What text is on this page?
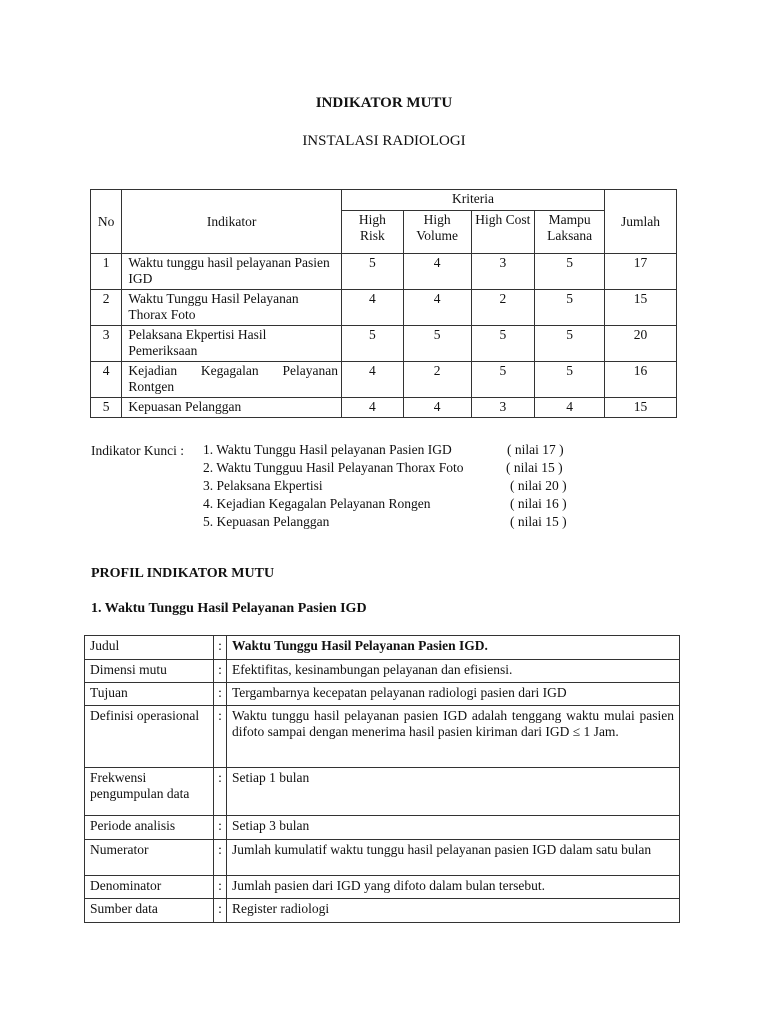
INDIKATOR MUTU
INSTALASI RADIOLOGI
No	Indikator	Kriteria				Jumlah
		High Risk	High Volume	High Cost	Mampu Laksana	
1	Waktu tunggu hasil pelayanan Pasien IGD	5	4	3	5	17
2	Waktu Tunggu Hasil Pelayanan Thorax Foto	4	4	2	5	15
3	Pelaksana Ekpertisi Hasil Pemeriksaan	5	5	5	5	20
4	Kejadian Kegagalan Pelayanan Rontgen	4	2	5	5	16
5	Kepuasan Pelanggan	4	4	3	4	15
Indikator Kunci : 1. Waktu Tunggu Hasil pelayanan Pasien IGD	( nilai 17 )
2. Waktu Tungguu Hasil Pelayanan Thorax Foto	( nilai 15 )
3. Pelaksana Ekpertisi	( nilai 20 )
4. Kejadian Kegagalan Pelayanan Rongen	( nilai 16 )
5. Kepuasan Pelanggan	( nilai 15 )
PROFIL INDIKATOR MUTU
1. Waktu Tunggu Hasil Pelayanan Pasien IGD
Judul	:	Waktu Tunggu Hasil Pelayanan Pasien IGD.
Dimensi mutu	:	Efektifitas, kesinambungan pelayanan dan efisiensi.
Tujuan	:	Tergambarnya kecepatan pelayanan radiologi pasien dari IGD
Definisi operasional	:	Waktu tunggu hasil pelayanan pasien IGD adalah tenggang waktu mulai pasien difoto sampai dengan menerima hasil pasien kiriman dari IGD ≤ 1 Jam.
Frekwensi pengumpulan data	:	Setiap 1 bulan
Periode analisis	:	Setiap 3 bulan
Numerator	:	Jumlah kumulatif waktu tunggu hasil pelayanan pasien IGD dalam satu bulan
Denominator	:	Jumlah pasien dari IGD yang difoto dalam bulan tersebut.
Sumber data	:	Register radiologi
